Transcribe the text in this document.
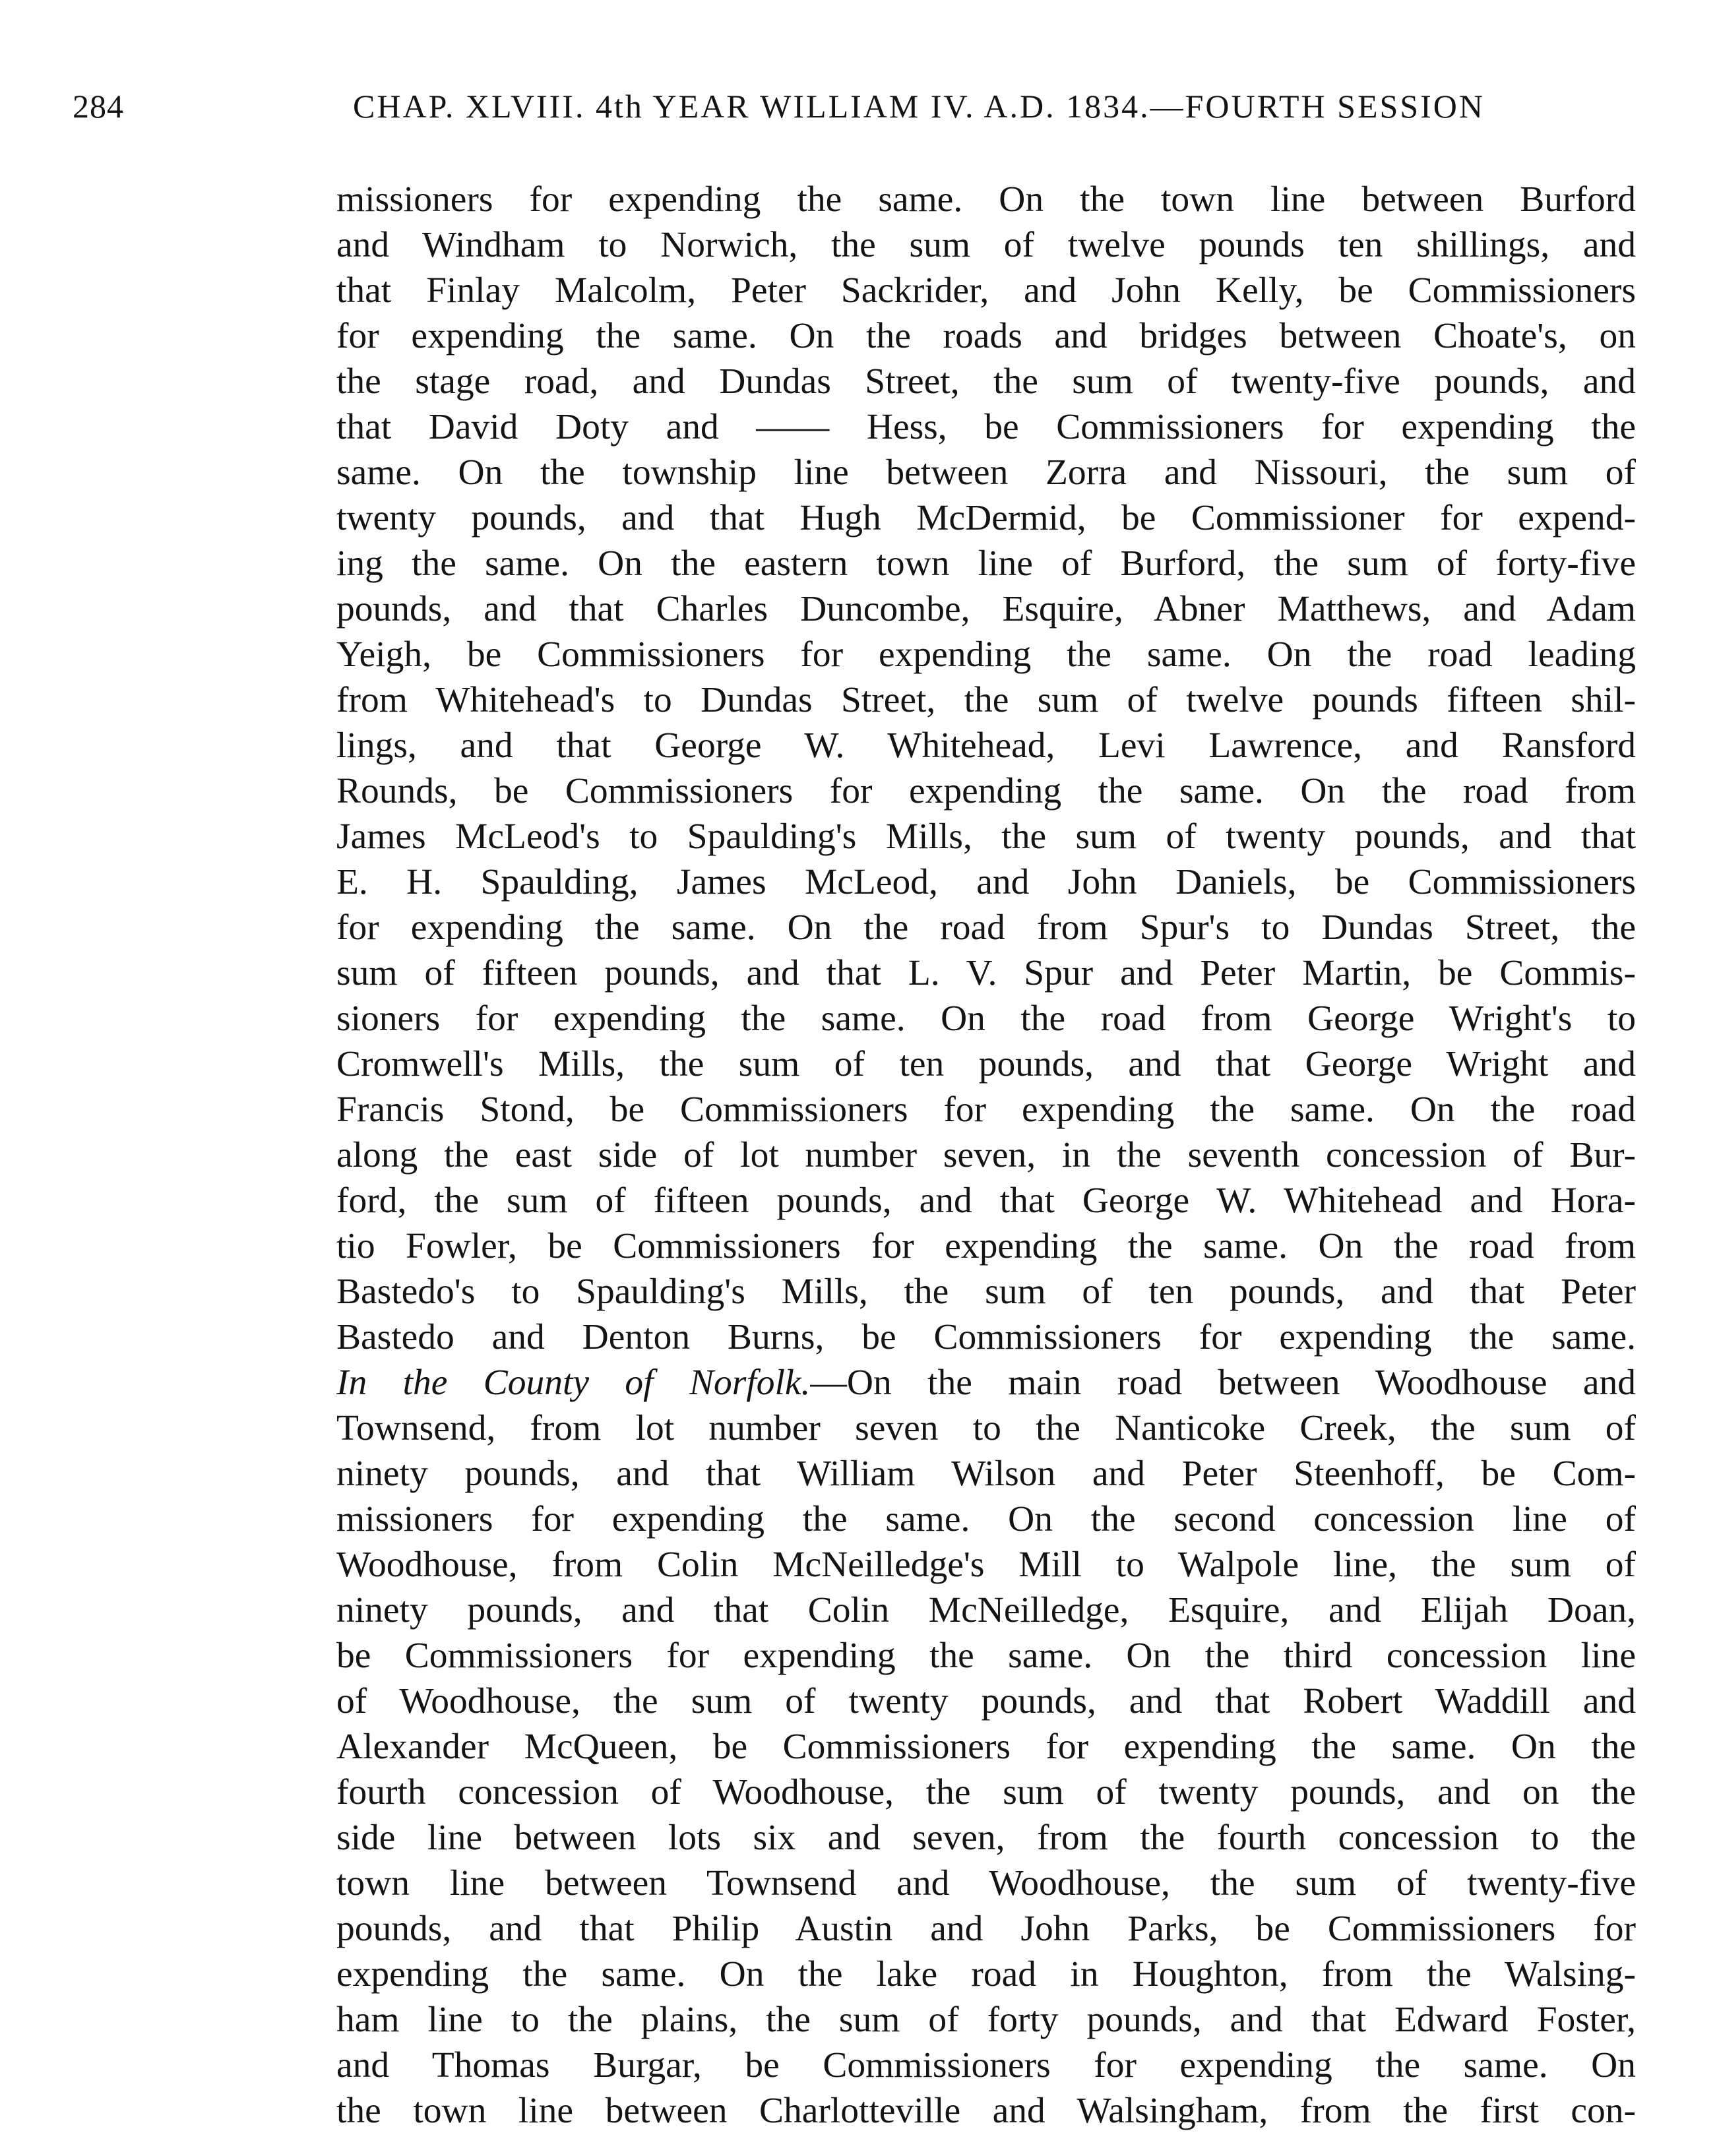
284	CHAP. XLVIII. 4th YEAR WILLIAM IV. A.D. 1834.—FOURTH SESSION
missioners for expending the same. On the town line between Burford
and Windham to Norwich, the sum of twelve pounds ten shillings, and
that Finlay Malcolm, Peter Sackrider, and John Kelly, be Commissioners
for expending the same. On the roads and bridges between Choate's, on
the stage road, and Dundas Street, the sum of twenty-five pounds, and
that David Doty and —— Hess, be Commissioners for expending the
same. On the township line between Zorra and Nissouri, the sum of
twenty pounds, and that Hugh McDermid, be Commissioner for expend-
ing the same. On the eastern town line of Burford, the sum of forty-five
pounds, and that Charles Duncombe, Esquire, Abner Matthews, and Adam
Yeigh, be Commissioners for expending the same. On the road leading
from Whitehead's to Dundas Street, the sum of twelve pounds fifteen shil-
lings, and that George W. Whitehead, Levi Lawrence, and Ransford
Rounds, be Commissioners for expending the same. On the road from
James McLeod's to Spaulding's Mills, the sum of twenty pounds, and that
E. H. Spaulding, James McLeod, and John Daniels, be Commissioners
for expending the same. On the road from Spur's to Dundas Street, the
sum of fifteen pounds, and that L. V. Spur and Peter Martin, be Commis-
sioners for expending the same. On the road from George Wright's to
Cromwell's Mills, the sum of ten pounds, and that George Wright and
Francis Stond, be Commissioners for expending the same. On the road
along the east side of lot number seven, in the seventh concession of Bur-
ford, the sum of fifteen pounds, and that George W. Whitehead and Hora-
tio Fowler, be Commissioners for expending the same. On the road from
Bastedo's to Spaulding's Mills, the sum of ten pounds, and that Peter
Bastedo and Denton Burns, be Commissioners for expending the same.
In the County of Norfolk.—On the main road between Woodhouse and
Townsend, from lot number seven to the Nanticoke Creek, the sum of
ninety pounds, and that William Wilson and Peter Steenhoff, be Com-
missioners for expending the same. On the second concession line of
Woodhouse, from Colin McNeilledge's Mill to Walpole line, the sum of
ninety pounds, and that Colin McNeilledge, Esquire, and Elijah Doan,
be Commissioners for expending the same. On the third concession line
of Woodhouse, the sum of twenty pounds, and that Robert Waddill and
Alexander McQueen, be Commissioners for expending the same. On the
fourth concession of Woodhouse, the sum of twenty pounds, and on the
side line between lots six and seven, from the fourth concession to the
town line between Townsend and Woodhouse, the sum of twenty-five
pounds, and that Philip Austin and John Parks, be Commissioners for
expending the same. On the lake road in Houghton, from the Walsing-
ham line to the plains, the sum of forty pounds, and that Edward Foster,
and Thomas Burgar, be Commissioners for expending the same. On
the town line between Charlotteville and Walsingham, from the first con-
